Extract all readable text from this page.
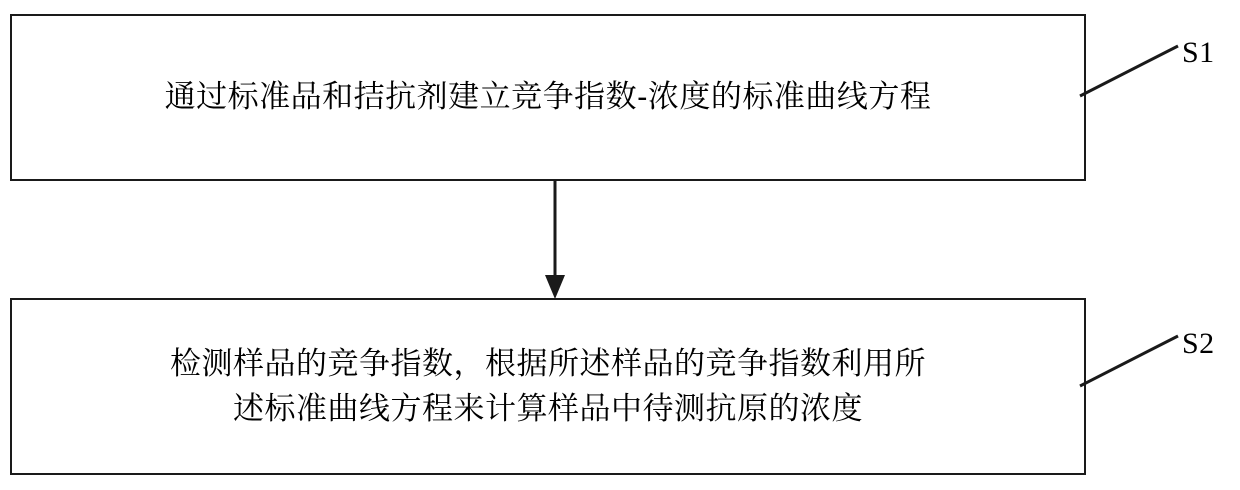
通过标准品和拮抗剂建立竞争指数-浓度的标准曲线方程
S1
检测样品的竞争指数，根据所述样品的竞争指数利用所
述标准曲线方程来计算样品中待测抗原的浓度
S2
